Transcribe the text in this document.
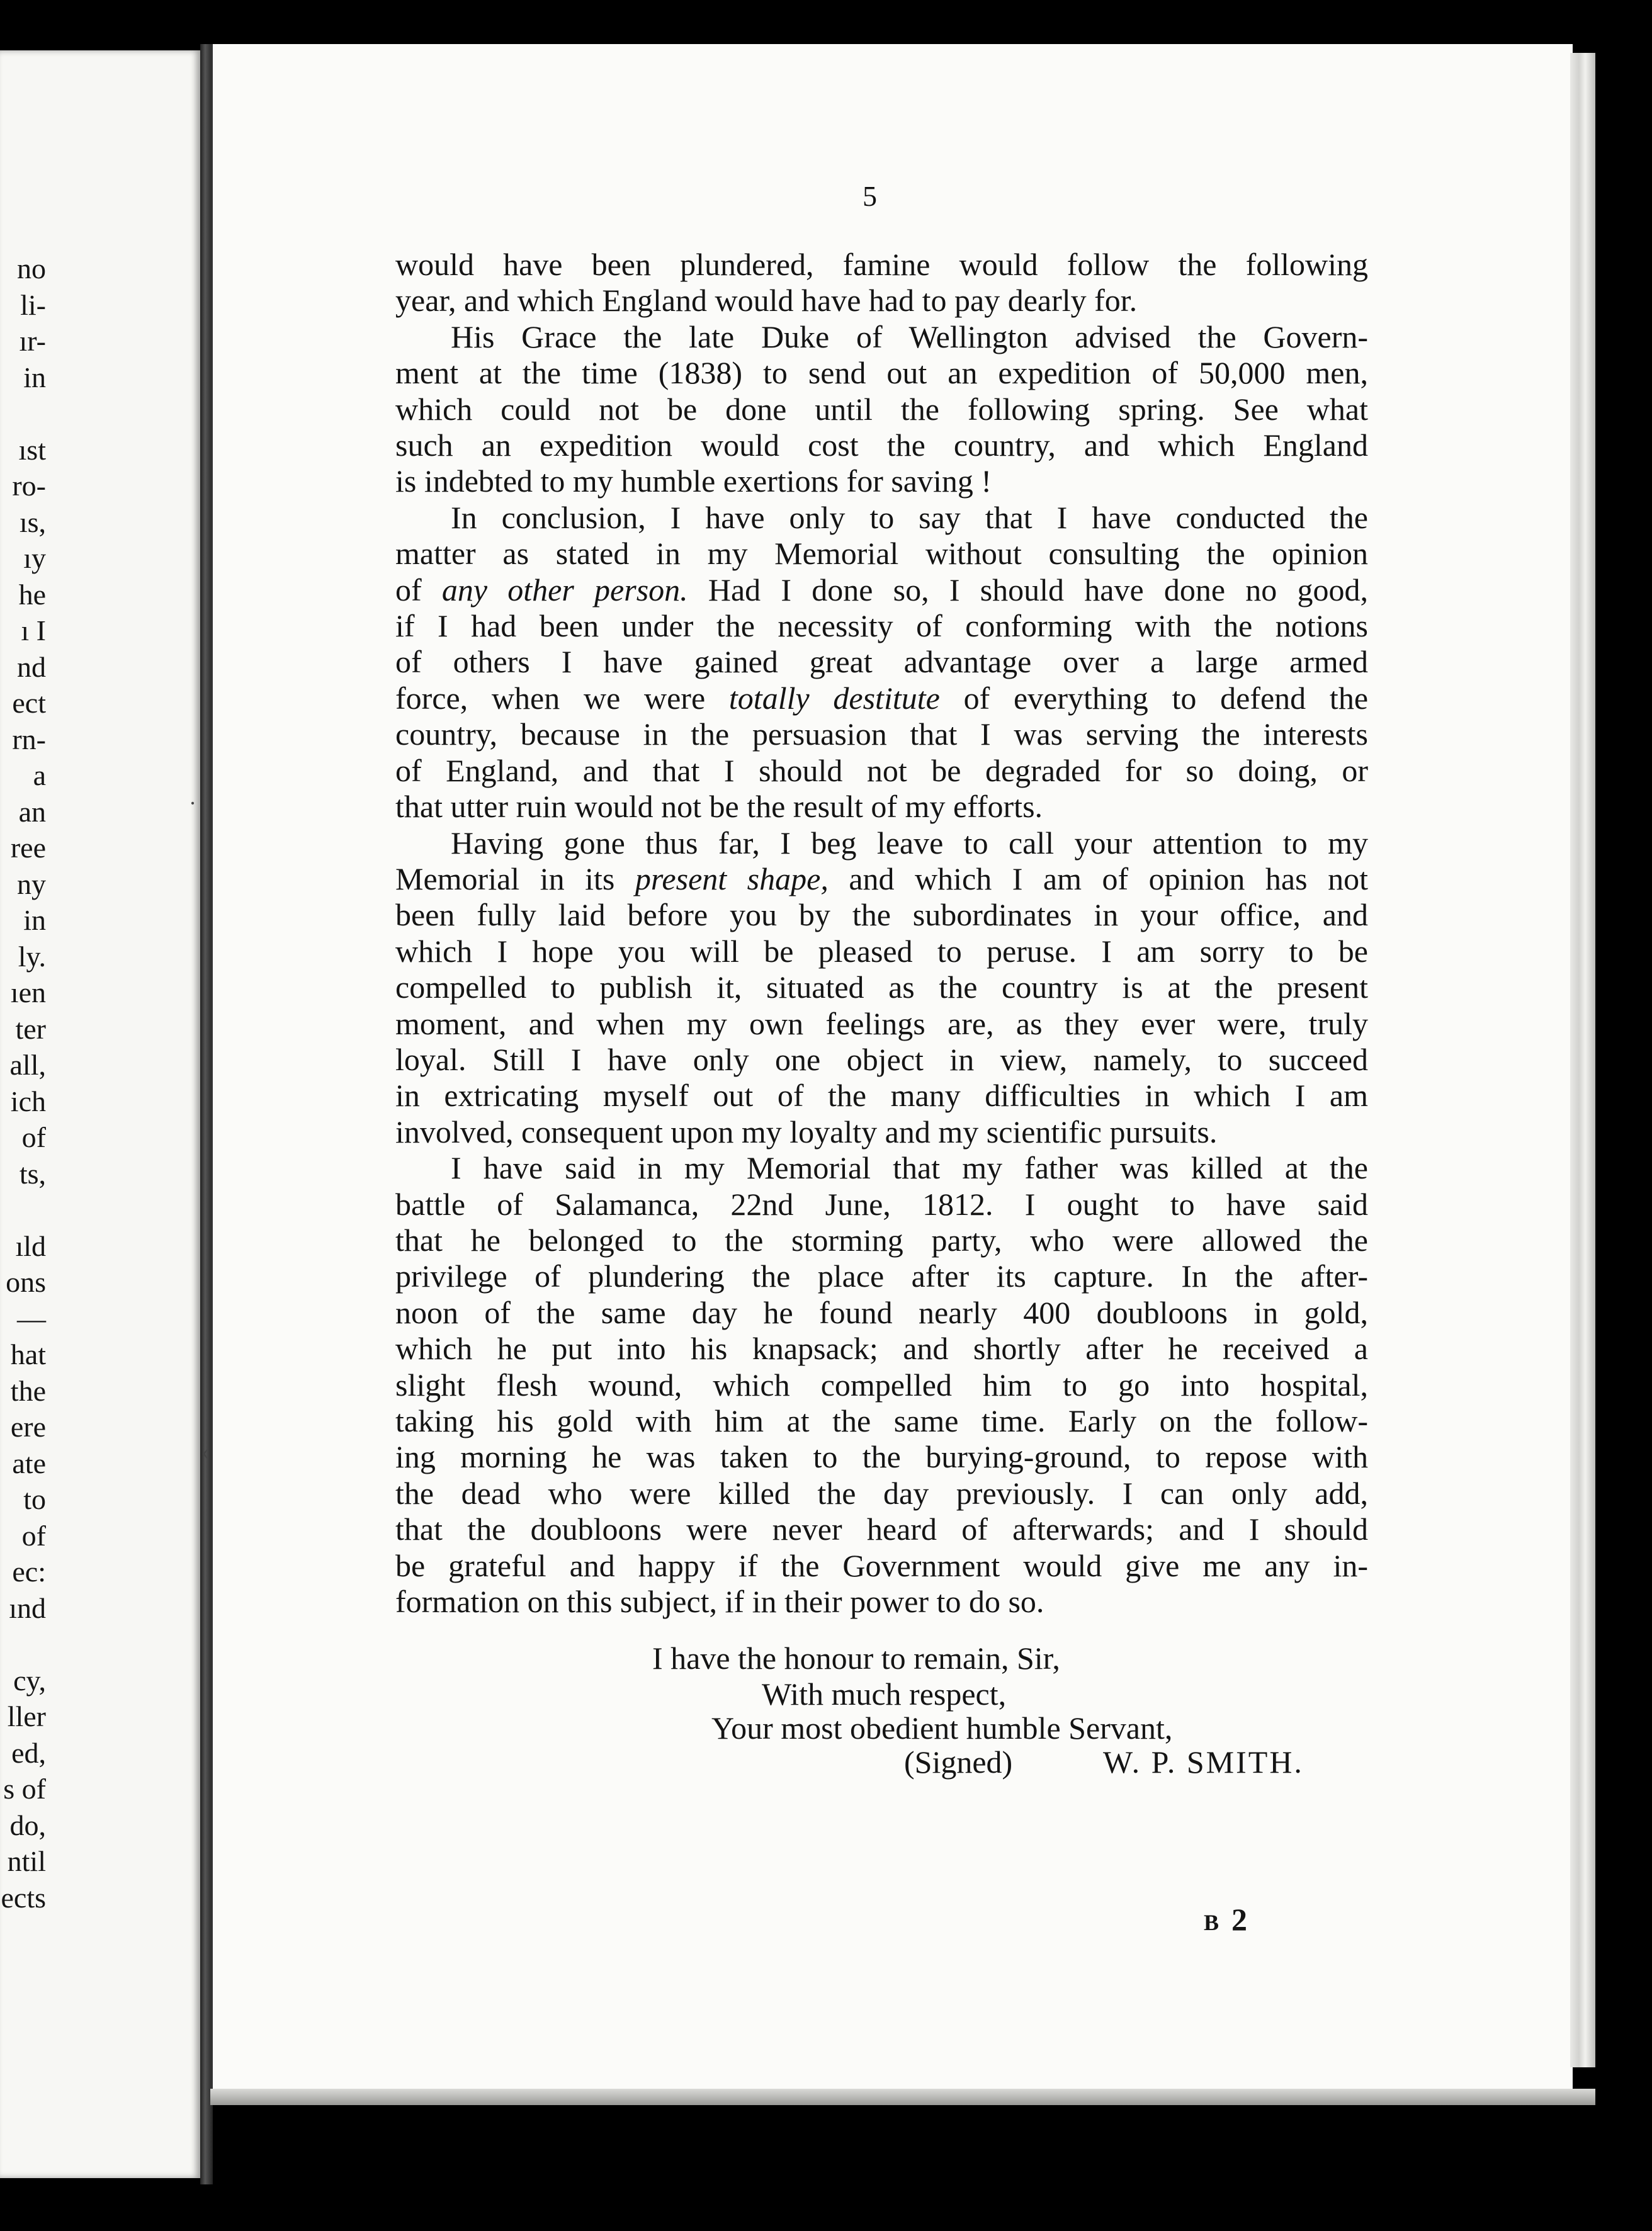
no
li-
ır-
in

ıst
ro-
ıs,
ıy
he
ı I
nd
ect
rn-
a
an
ree
ny
in
ly.
ıen
ter
all,
ich
of
ts,

ıld
ons
—
hat
the
ere
ate
to
of
ec:
ınd

cy,
ller
ed,
s of
do,
ntil
ects
5
would have been plundered, famine would follow the following
year, and which England would have had to pay dearly for.
His Grace the late Duke of Wellington advised the Govern-
ment at the time (1838) to send out an expedition of 50,000 men,
which could not be done until the following spring. See what
such an expedition would cost the country, and which England
is indebted to my humble exertions for saving !
In conclusion, I have only to say that I have conducted the
matter as stated in my Memorial without consulting the opinion
of any other person. Had I done so, I should have done no good,
if I had been under the necessity of conforming with the notions
of others I have gained great advantage over a large armed
force, when we were totally destitute of everything to defend the
country, because in the persuasion that I was serving the interests
of England, and that I should not be degraded for so doing, or
that utter ruin would not be the result of my efforts.
Having gone thus far, I beg leave to call your attention to my
Memorial in its present shape, and which I am of opinion has not
been fully laid before you by the subordinates in your office, and
which I hope you will be pleased to peruse. I am sorry to be
compelled to publish it, situated as the country is at the present
moment, and when my own feelings are, as they ever were, truly
loyal. Still I have only one object in view, namely, to succeed
in extricating myself out of the many difficulties in which I am
involved, consequent upon my loyalty and my scientific pursuits.
I have said in my Memorial that my father was killed at the
battle of Salamanca, 22nd June, 1812. I ought to have said
that he belonged to the storming party, who were allowed the
privilege of plundering the place after its capture. In the after-
noon of the same day he found nearly 400 doubloons in gold,
which he put into his knapsack; and shortly after he received a
slight flesh wound, which compelled him to go into hospital,
taking his gold with him at the same time. Early on the follow-
ing morning he was taken to the burying-ground, to repose with
the dead who were killed the day previously. I can only add,
that the doubloons were never heard of afterwards; and I should
be grateful and happy if the Government would give me any in-
formation on this subject, if in their power to do so.
I have the honour to remain, Sir,
With much respect,
Your most obedient humble Servant,
(Signed)	W. P. SMITH.
B 2
·
‹
